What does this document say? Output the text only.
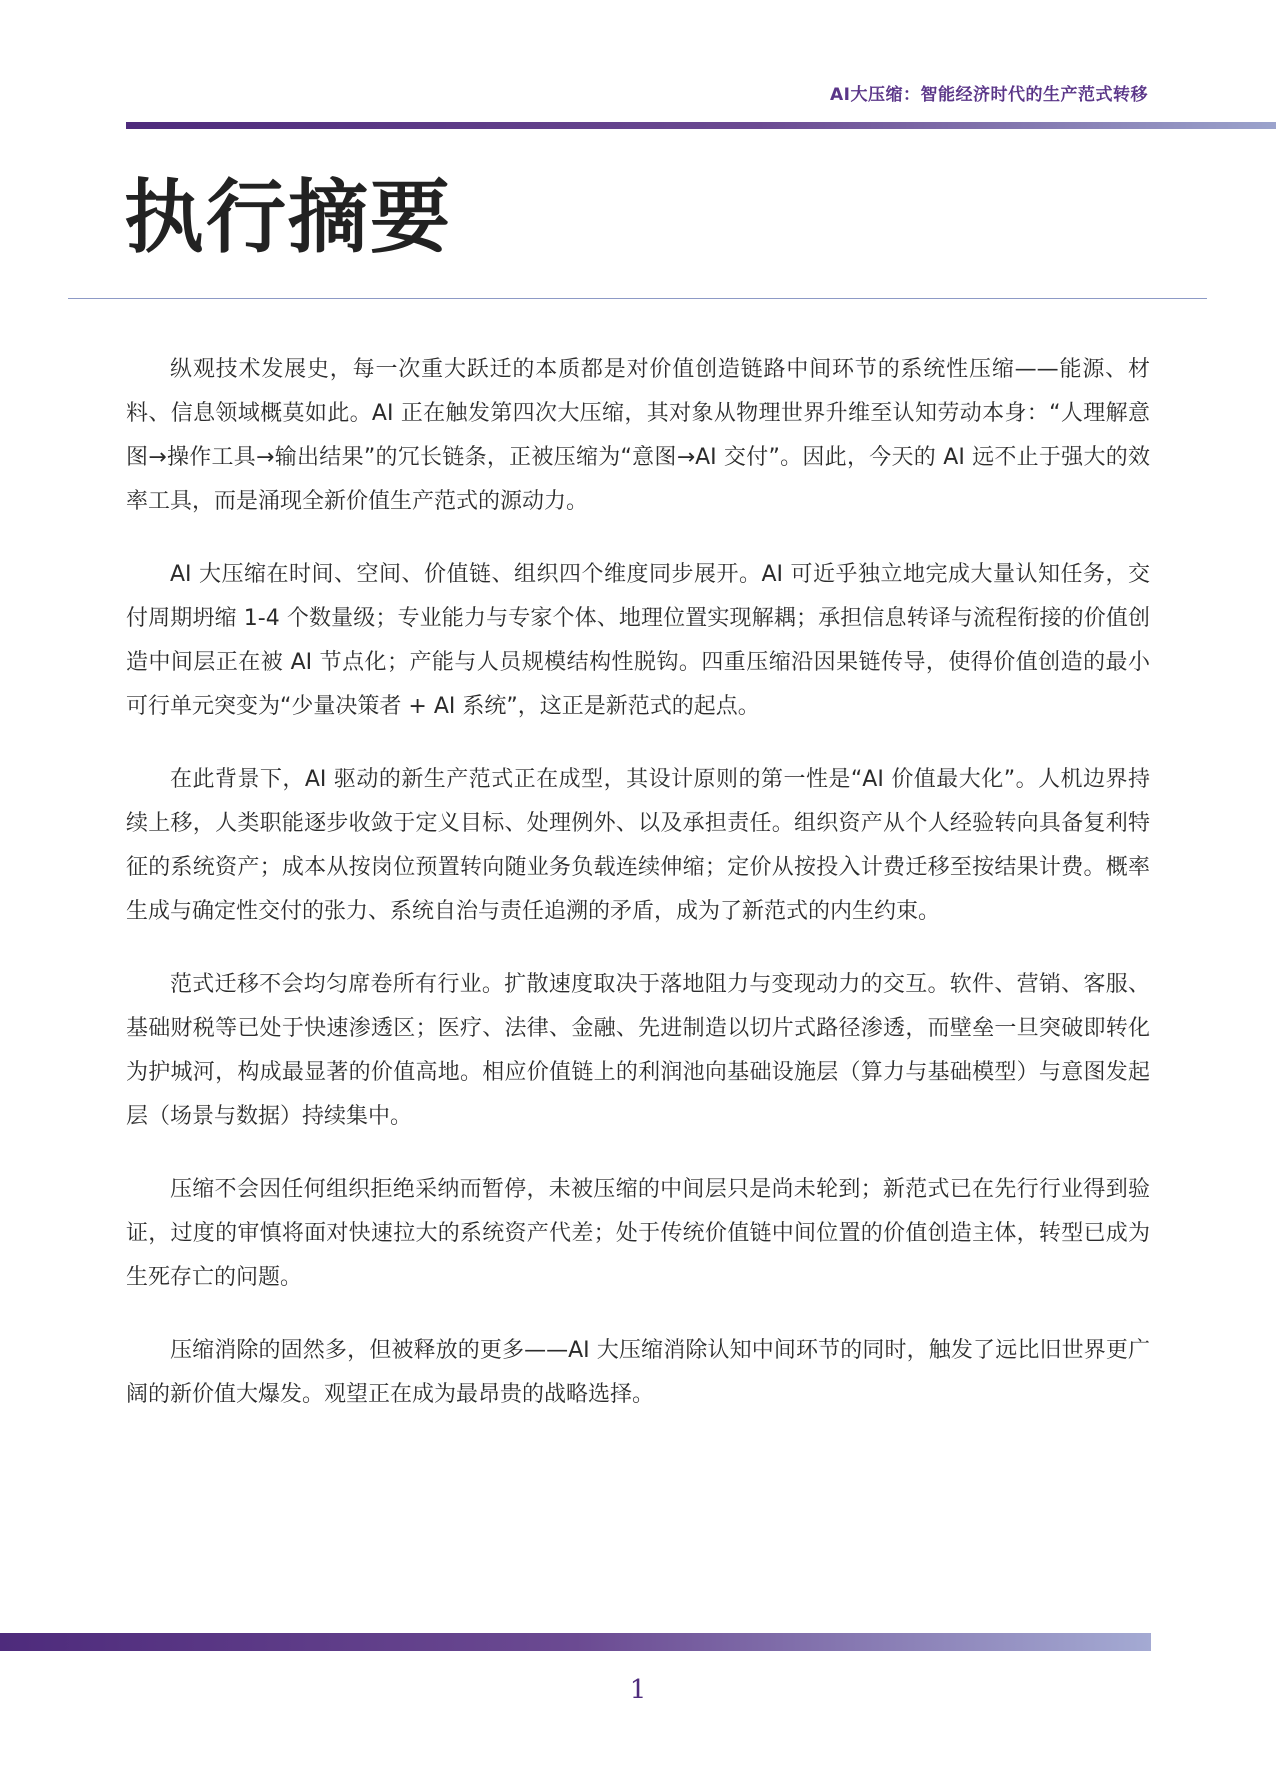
AI大压缩：智能经济时代的生产范式转移
执行摘要

纵观技术发展史，每一次重大跃迁的本质都是对价值创造链路中间环节的系统性压缩——能源、材料、信息领域概莫如此。AI 正在触发第四次大压缩，其对象从物理世界升维至认知劳动本身：“人理解意图→操作工具→输出结果”的冗长链条，正被压缩为“意图→AI 交付”。因此，今天的 AI 远不止于强大的效率工具，而是涌现全新价值生产范式的源动力。

AI 大压缩在时间、空间、价值链、组织四个维度同步展开。AI 可近乎独立地完成大量认知任务，交付周期坍缩 1-4 个数量级；专业能力与专家个体、地理位置实现解耦；承担信息转译与流程衔接的价值创造中间层正在被 AI 节点化；产能与人员规模结构性脱钩。四重压缩沿因果链传导，使得价值创造的最小可行单元突变为“少量决策者 + AI 系统”，这正是新范式的起点。

在此背景下，AI 驱动的新生产范式正在成型，其设计原则的第一性是“AI 价值最大化”。人机边界持续上移，人类职能逐步收敛于定义目标、处理例外、以及承担责任。组织资产从个人经验转向具备复利特征的系统资产；成本从按岗位预置转向随业务负载连续伸缩；定价从按投入计费迁移至按结果计费。概率生成与确定性交付的张力、系统自治与责任追溯的矛盾，成为了新范式的内生约束。

范式迁移不会均匀席卷所有行业。扩散速度取决于落地阻力与变现动力的交互。软件、营销、客服、基础财税等已处于快速渗透区；医疗、法律、金融、先进制造以切片式路径渗透，而壁垒一旦突破即转化为护城河，构成最显著的价值高地。相应价值链上的利润池向基础设施层（算力与基础模型）与意图发起层（场景与数据）持续集中。

压缩不会因任何组织拒绝采纳而暂停，未被压缩的中间层只是尚未轮到；新范式已在先行行业得到验证，过度的审慎将面对快速拉大的系统资产代差；处于传统价值链中间位置的价值创造主体，转型已成为生死存亡的问题。

压缩消除的固然多，但被释放的更多——AI 大压缩消除认知中间环节的同时，触发了远比旧世界更广阔的新价值大爆发。观望正在成为最昂贵的战略选择。

1
